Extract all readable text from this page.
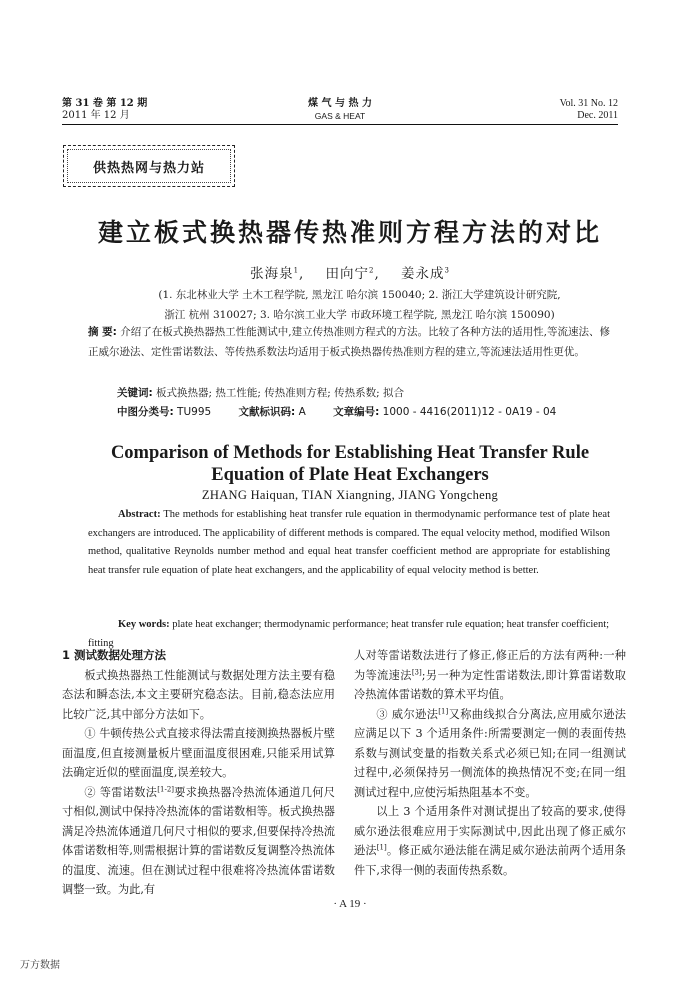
第 31 卷 第 12 期
2011 年 12 月
煤 气 与 热 力
GAS & HEAT
Vol. 31 No. 12
Dec. 2011
供热热网与热力站
建立板式换热器传热准则方程方法的对比
张海泉$^1$,    田向宁$^2$,    姜永成$^3$
(1. 东北林业大学 土木工程学院, 黑龙江 哈尔滨 150040; 2. 浙江大学建筑设计研究院,
浙江 杭州 310027; 3. 哈尔滨工业大学 市政环境工程学院, 黑龙江 哈尔滨 150090)
摘 要: 介绍了在板式换热器热工性能测试中,建立传热准则方程式的方法。比较了各种方法的适用性,等流速法、修正威尔逊法、定性雷诺数法、等传热系数法均适用于板式换热器传热准则方程的建立,等流速法适用性更优。
关键词: 板式换热器; 热工性能; 传热准则方程; 传热系数; 拟合
中图分类号: TU995	文献标识码: A	文章编号: 1000 - 4416(2011)12 - 0A19 - 04
Comparison of Methods for Establishing Heat Transfer Rule
Equation of Plate Heat Exchangers
ZHANG Haiquan, TIAN Xiangning, JIANG Yongcheng
Abstract: The methods for establishing heat transfer rule equation in thermodynamic performance test of plate heat exchangers are introduced. The applicability of different methods is compared. The equal velocity method, modified Wilson method, qualitative Reynolds number method and equal heat transfer coefficient method are appropriate for establishing heat transfer rule equation of plate heat exchangers, and the applicability of equal velocity method is better.
Key words: plate heat exchanger; thermodynamic performance; heat transfer rule equation; heat transfer coefficient; fitting
1 测试数据处理方法

板式换热器热工性能测试与数据处理方法主要有稳态法和瞬态法,本文主要研究稳态法。目前,稳态法应用比较广泛,其中部分方法如下。

① 牛顿传热公式直接求得法需直接测换热器板片壁面温度,但直接测量板片壁面温度很困难,只能采用试算法确定近似的壁面温度,误差较大。

② 等雷诺数法[1-2]要求换热器冷热流体通道几何尺寸相似,测试中保持冷热流体的雷诺数相等。板式换热器满足冷热流体通道几何尺寸相似的要求,但要保持冷热流体雷诺数相等,则需根据计算的雷诺数反复调整冷热流体的温度、流速。但在测试过程中很难将冷热流体雷诺数调整一致。为此,有

人对等雷诺数法进行了修正,修正后的方法有两种:一种为等流速法[3];另一种为定性雷诺数法,即计算雷诺数取冷热流体雷诺数的算术平均值。

③ 威尔逊法[1]又称曲线拟合分离法,应用威尔逊法应满足以下 3 个适用条件:所需要测定一侧的表面传热系数与测试变量的指数关系式必须已知;在同一组测试过程中,必须保持另一侧流体的换热情况不变;在同一组测试过程中,应使污垢热阻基本不变。

以上 3 个适用条件对测试提出了较高的要求,使得威尔逊法很难应用于实际测试中,因此出现了修正威尔逊法[1]。修正威尔逊法能在满足威尔逊法前两个适用条件下,求得一侧的表面传热系数。

· A 19 ·
万方数据
